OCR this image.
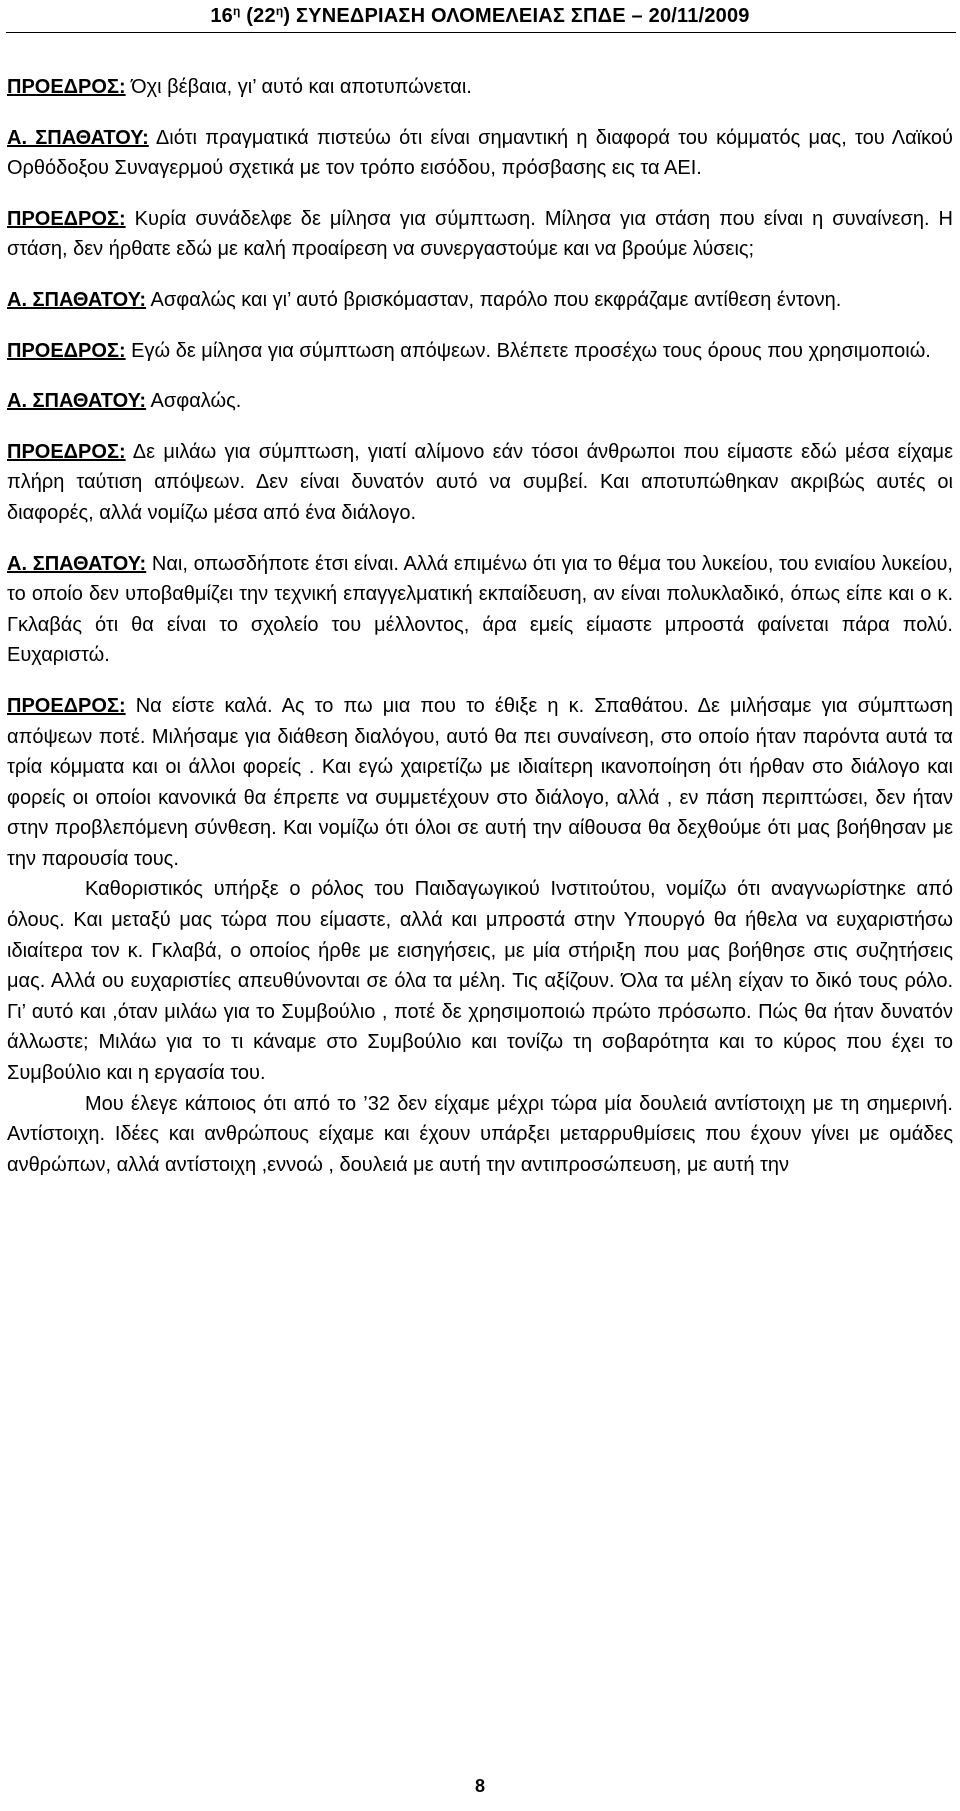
$16^\eta$ $(22^\eta)$ ΣΥΝΕΔΡΙΑΣΗ ΟΛΟΜΕΛΕΙΑΣ ΣΠΔΕ – 20/11/2009

ΠΡΟΕΔΡΟΣ: Όχι βέβαια, γι’ αυτό και αποτυπώνεται.

Α. ΣΠΑΘΑΤΟΥ: Διότι πραγματικά πιστεύω ότι είναι σημαντική η διαφορά του κόμματός μας, του Λαϊκού Ορθόδοξου Συναγερμού σχετικά με τον τρόπο εισόδου, πρόσβασης εις τα ΑΕΙ.

ΠΡΟΕΔΡΟΣ: Κυρία συνάδελφε δε μίλησα για σύμπτωση. Μίλησα για στάση που είναι η συναίνεση. Η στάση, δεν ήρθατε εδώ με καλή προαίρεση να συνεργαστούμε και να βρούμε λύσεις;

Α. ΣΠΑΘΑΤΟΥ: Ασφαλώς και γι’ αυτό βρισκόμασταν, παρόλο που εκφράζαμε αντίθεση έντονη.

ΠΡΟΕΔΡΟΣ: Εγώ δε μίλησα για σύμπτωση απόψεων. Βλέπετε προσέχω τους όρους που χρησιμοποιώ.

Α. ΣΠΑΘΑΤΟΥ: Ασφαλώς.

ΠΡΟΕΔΡΟΣ: Δε μιλάω για σύμπτωση, γιατί αλίμονο εάν τόσοι άνθρωποι που είμαστε εδώ μέσα είχαμε πλήρη ταύτιση απόψεων. Δεν είναι δυνατόν αυτό να συμβεί. Και αποτυπώθηκαν ακριβώς αυτές οι διαφορές, αλλά νομίζω μέσα από ένα διάλογο.

Α. ΣΠΑΘΑΤΟΥ: Ναι, οπωσδήποτε έτσι είναι. Αλλά επιμένω ότι για το θέμα του λυκείου, του ενιαίου λυκείου, το οποίο δεν υποβαθμίζει την τεχνική επαγγελματική εκπαίδευση, αν είναι πολυκλαδικό, όπως είπε και ο κ. Γκλαβάς ότι θα είναι το σχολείο του μέλλοντος, άρα εμείς είμαστε μπροστά φαίνεται πάρα πολύ. Ευχαριστώ.

ΠΡΟΕΔΡΟΣ: Να είστε καλά. Ας το πω μια που το έθιξε η κ. Σπαθάτου. Δε μιλήσαμε για σύμπτωση απόψεων ποτέ. Μιλήσαμε για διάθεση διαλόγου, αυτό θα πει συναίνεση, στο οποίο ήταν παρόντα αυτά τα τρία κόμματα και οι άλλοι φορείς . Και εγώ χαιρετίζω με ιδιαίτερη ικανοποίηση ότι ήρθαν στο διάλογο και φορείς οι οποίοι κανονικά θα έπρεπε να συμμετέχουν στο διάλογο, αλλά , εν πάση περιπτώσει, δεν ήταν στην προβλεπόμενη σύνθεση. Και νομίζω ότι όλοι σε αυτή την αίθουσα θα δεχθούμε ότι μας βοήθησαν με την παρουσία τους.

Καθοριστικός υπήρξε ο ρόλος του Παιδαγωγικού Ινστιτούτου, νομίζω ότι αναγνωρίστηκε από όλους. Και μεταξύ μας τώρα που είμαστε, αλλά και μπροστά στην Υπουργό θα ήθελα να ευχαριστήσω ιδιαίτερα τον κ. Γκλαβά, ο οποίος ήρθε με εισηγήσεις, με μία στήριξη που μας βοήθησε στις συζητήσεις μας. Αλλά ου ευχαριστίες απευθύνονται σε όλα τα μέλη. Τις αξίζουν. Όλα τα μέλη είχαν το δικό τους ρόλο. Γι’ αυτό και ,όταν μιλάω για το Συμβούλιο , ποτέ δε χρησιμοποιώ πρώτο πρόσωπο. Πώς θα ήταν δυνατόν άλλωστε; Μιλάω για το τι κάναμε στο Συμβούλιο και τονίζω τη σοβαρότητα και το κύρος που έχει το Συμβούλιο και η εργασία του.

Μου έλεγε κάποιος ότι από το ’32 δεν είχαμε μέχρι τώρα μία δουλειά αντίστοιχη με τη σημερινή. Αντίστοιχη. Ιδέες και ανθρώπους είχαμε και έχουν υπάρξει μεταρρυθμίσεις που έχουν γίνει με ομάδες ανθρώπων, αλλά αντίστοιχη ,εννοώ , δουλειά με αυτή την αντιπροσώπευση, με αυτή την

8
